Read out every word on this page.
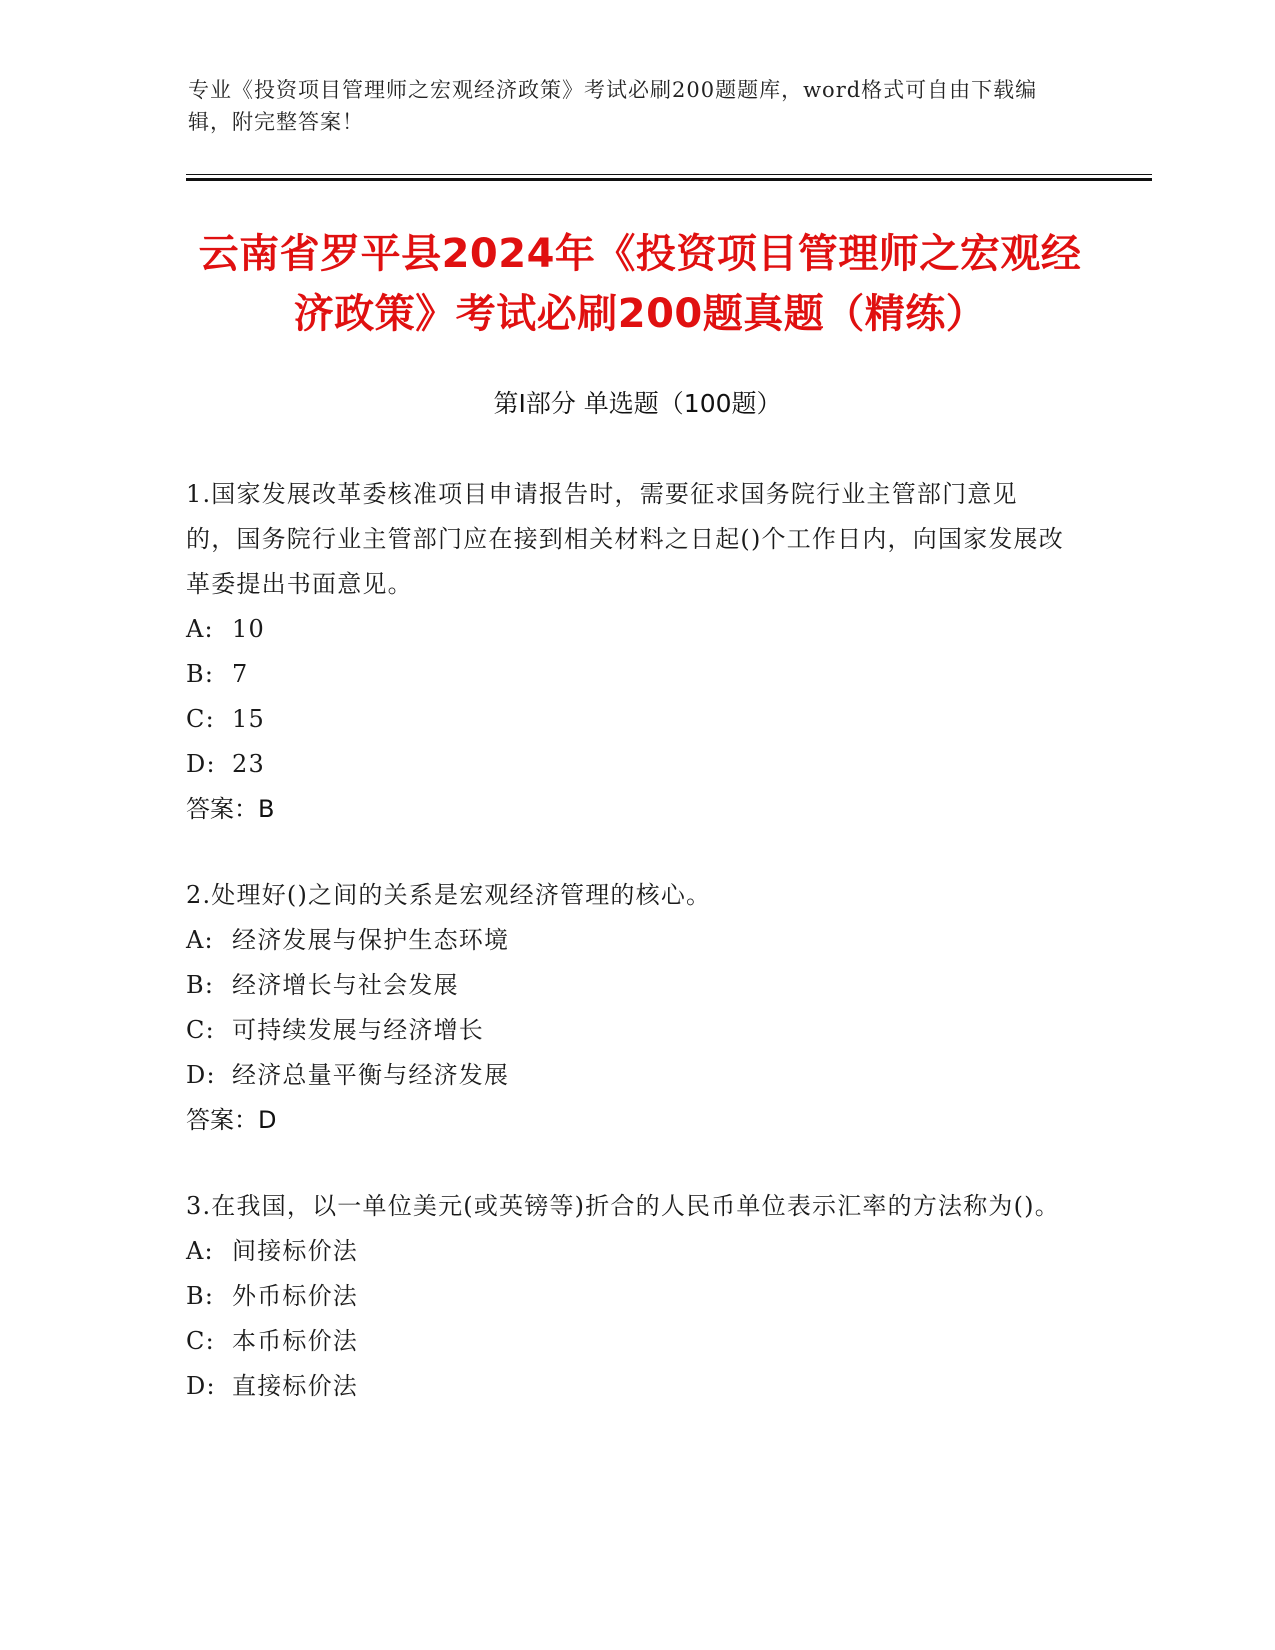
专业《投资项目管理师之宏观经济政策》考试必刷200题题库，word格式可自由下载编辑，附完整答案！
云南省罗平县2024年《投资项目管理师之宏观经济政策》考试必刷200题真题（精练）
第Ⅰ部分 单选题（100题）

1.国家发展改革委核准项目申请报告时，需要征求国务院行业主管部门意见的，国务院行业主管部门应在接到相关材料之日起()个工作日内，向国家发展改革委提出书面意见。

A: 10
B: 7
C: 15
D: 23
答案：B

2.处理好()之间的关系是宏观经济管理的核心。

A: 经济发展与保护生态环境
B: 经济增长与社会发展
C: 可持续发展与经济增长
D: 经济总量平衡与经济发展
答案：D

3.在我国，以一单位美元(或英镑等)折合的人民币单位表示汇率的方法称为()。

A: 间接标价法
B: 外币标价法
C: 本币标价法
D: 直接标价法
